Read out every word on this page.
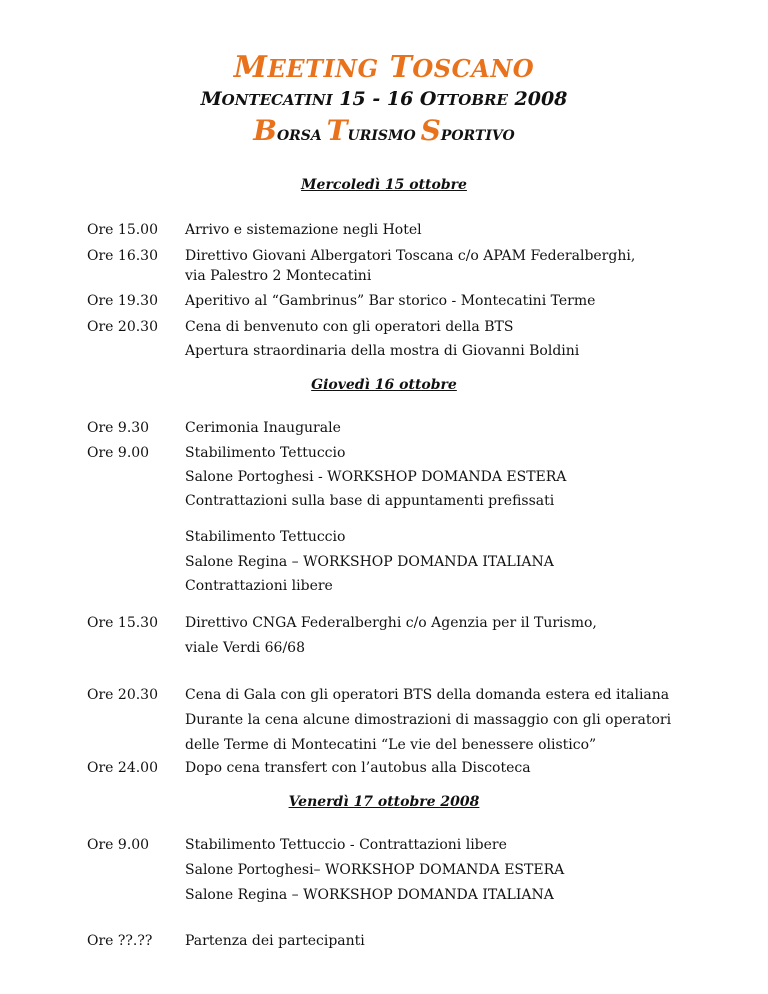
MEETING TOSCANO
MONTECATINI 15 - 16 OTTOBRE 2008
BORSA TURISMO SPORTIVO
Mercoledì 15 ottobre
Ore 15.00 Arrivo e sistemazione negli Hotel
Ore 16.30 Direttivo Giovani Albergatori Toscana c/o APAM Federalberghi,
via Palestro 2 Montecatini
Ore 19.30 Aperitivo al “Gambrinus” Bar storico - Montecatini Terme
Ore 20.30 Cena di benvenuto con gli operatori della BTS
Apertura straordinaria della mostra di Giovanni Boldini
Giovedì 16 ottobre
Ore 9.30	Cerimonia Inaugurale
Ore 9.00	Stabilimento Tettuccio
Salone Portoghesi - WORKSHOP DOMANDA ESTERA
Contrattazioni sulla base di appuntamenti prefissati
Stabilimento Tettuccio
Salone Regina – WORKSHOP DOMANDA ITALIANA
Contrattazioni libere
Ore 15.30 Direttivo CNGA Federalberghi c/o Agenzia per il Turismo,
viale Verdi 66/68
Ore 20.30 Cena di Gala con gli operatori BTS della domanda estera ed italiana
Durante la cena alcune dimostrazioni di massaggio con gli operatori
delle Terme di Montecatini “Le vie del benessere olistico”
Ore 24.00 Dopo cena transfert con l’autobus alla Discoteca
Venerdì 17 ottobre 2008
Ore 9.00	Stabilimento Tettuccio - Contrattazioni libere
Salone Portoghesi– WORKSHOP DOMANDA ESTERA
Salone Regina – WORKSHOP DOMANDA ITALIANA
Ore ??.?? Partenza dei partecipanti
